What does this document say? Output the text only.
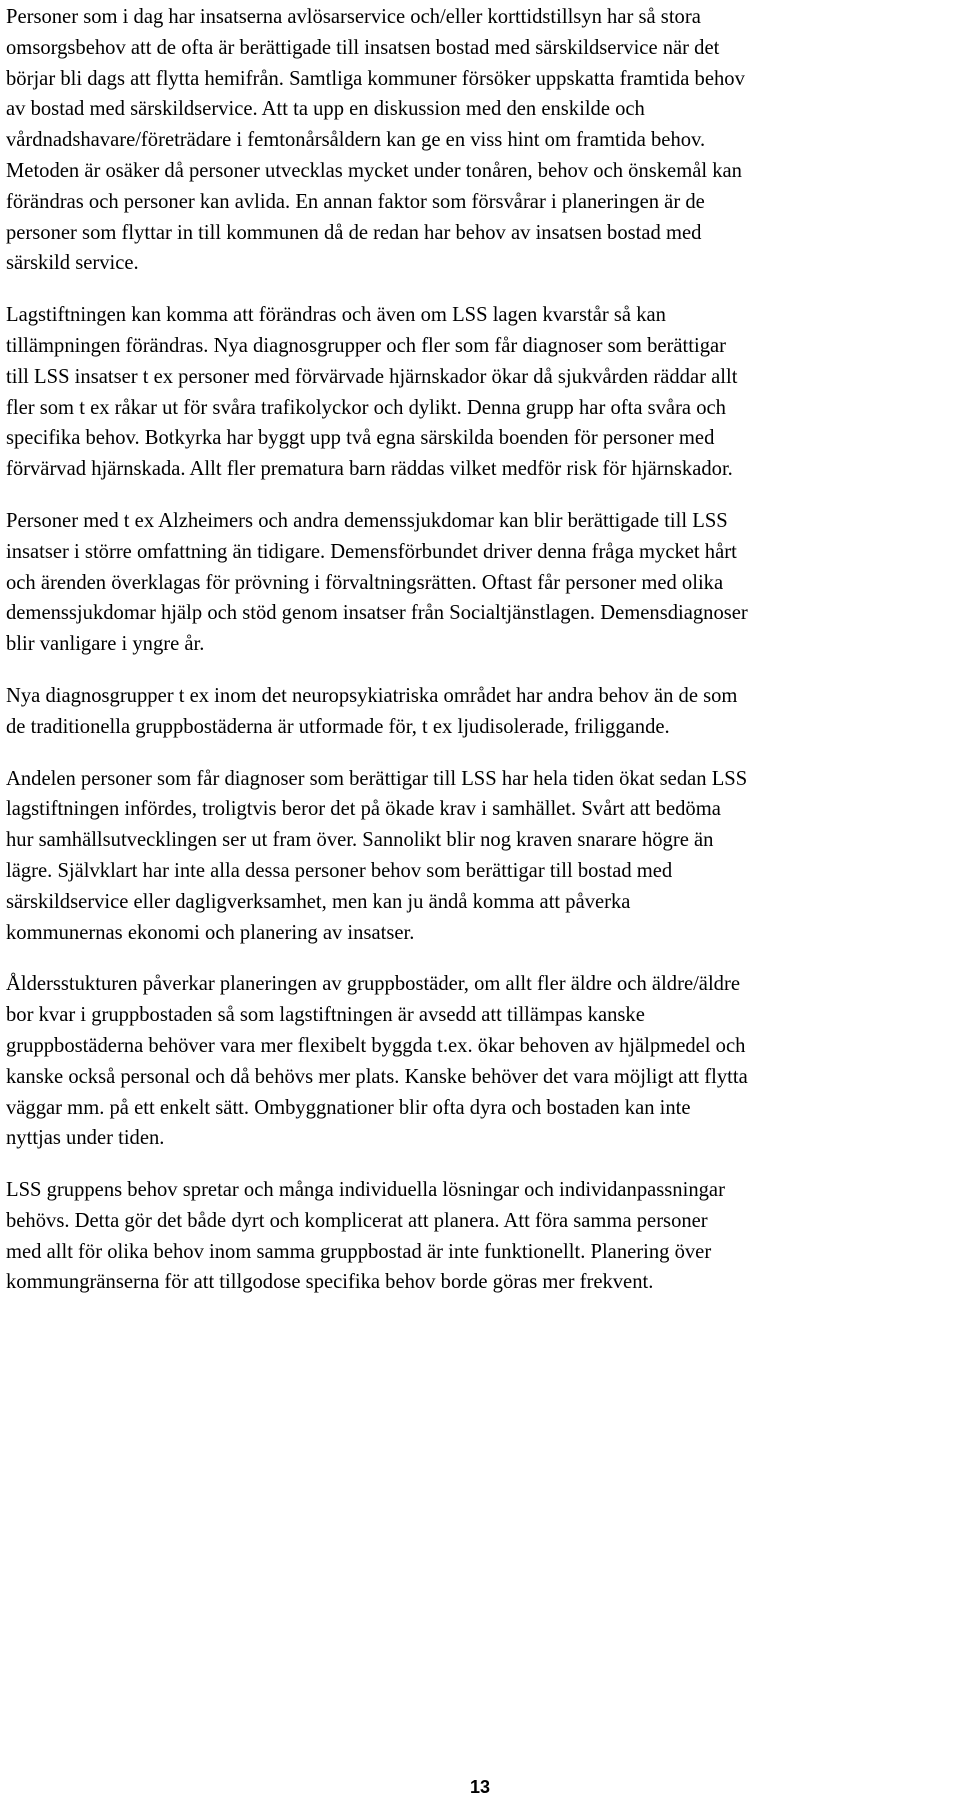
Personer som i dag har insatserna avlösarservice och/eller korttidstillsyn har så stora
omsorgsbehov att de ofta är berättigade till insatsen bostad med särskildservice när det
börjar bli dags att flytta hemifrån. Samtliga kommuner försöker uppskatta framtida behov
av bostad med särskildservice. Att ta upp en diskussion med den enskilde och
vårdnadshavare/företrädare i femtonårsåldern kan ge en viss hint om framtida behov.
Metoden är osäker då personer utvecklas mycket under tonåren, behov och önskemål kan
förändras och personer kan avlida. En annan faktor som försvårar i planeringen är de
personer som flyttar in till kommunen då de redan har behov av insatsen bostad med
särskild service.

Lagstiftningen kan komma att förändras och även om LSS lagen kvarstår så kan
tillämpningen förändras. Nya diagnosgrupper och fler som får diagnoser som berättigar
till LSS insatser t ex personer med förvärvade hjärnskador ökar då sjukvården räddar allt
fler som t ex råkar ut för svåra trafikolyckor och dylikt. Denna grupp har ofta svåra och
specifika behov. Botkyrka har byggt upp två egna särskilda boenden för personer med
förvärvad hjärnskada. Allt fler prematura barn räddas vilket medför risk för hjärnskador.

Personer med t ex Alzheimers och andra demenssjukdomar kan blir berättigade till LSS
insatser i större omfattning än tidigare. Demensförbundet driver denna fråga mycket hårt
och ärenden överklagas för prövning i förvaltningsrätten. Oftast får personer med olika
demenssjukdomar hjälp och stöd genom insatser från Socialtjänstlagen. Demensdiagnoser
blir vanligare i yngre år.

Nya diagnosgrupper t ex inom det neuropsykiatriska området har andra behov än de som
de traditionella gruppbostäderna är utformade för, t ex ljudisolerade, friliggande.

Andelen personer som får diagnoser som berättigar till LSS har hela tiden ökat sedan LSS
lagstiftningen infördes, troligtvis beror det på ökade krav i samhället. Svårt att bedöma
hur samhällsutvecklingen ser ut fram över. Sannolikt blir nog kraven snarare högre än
lägre. Självklart har inte alla dessa personer behov som berättigar till bostad med
särskildservice eller dagligverksamhet, men kan ju ändå komma att påverka
kommunernas ekonomi och planering av insatser.

Åldersstukturen påverkar planeringen av gruppbostäder, om allt fler äldre och äldre/äldre
bor kvar i gruppbostaden så som lagstiftningen är avsedd att tillämpas kanske
gruppbostäderna behöver vara mer flexibelt byggda t.ex. ökar behoven av hjälpmedel och
kanske också personal och då behövs mer plats. Kanske behöver det vara möjligt att flytta
väggar mm. på ett enkelt sätt. Ombyggnationer blir ofta dyra och bostaden kan inte
nyttjas under tiden.

LSS gruppens behov spretar och många individuella lösningar och individanpassningar
behövs. Detta gör det både dyrt och komplicerat att planera. Att föra samma personer
med allt för olika behov inom samma gruppbostad är inte funktionellt. Planering över
kommungränserna för att tillgodose specifika behov borde göras mer frekvent.

13
